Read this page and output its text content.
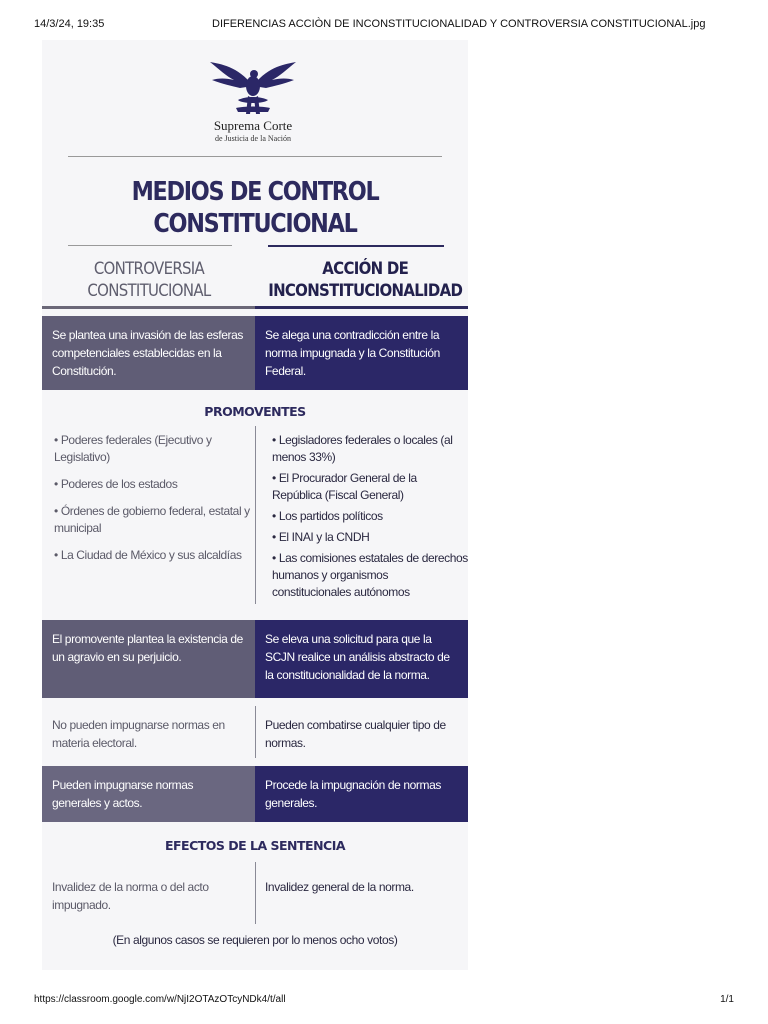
14/3/24, 19:35	DIFERENCIAS ACCIÒN DE INCONSTITUCIONALIDAD Y CONTROVERSIA CONSTITUCIONAL.jpg
Suprema Corte
de Justicia de la Nación
MEDIOS DE CONTROL
CONSTITUCIONAL
CONTROVERSIA
CONSTITUCIONAL
ACCIÓN DE
INCONSTITUCIONALIDAD
Se plantea una invasión de las esferas competenciales establecidas en la Constitución.
Se alega una contradicción entre la norma impugnada y la Constitución Federal.
PROMOVENTES
• Poderes federales (Ejecutivo y Legislativo)
• Poderes de los estados
• Órdenes de gobierno federal, estatal y municipal
• La Ciudad de México y sus alcaldías
• Legisladores federales o locales (al menos 33%)
• El Procurador General de la República (Fiscal General)
• Los partidos políticos
• El INAI y la CNDH
• Las comisiones estatales de derechos humanos y organismos constitucionales autónomos
El promovente plantea la existencia de un agravio en su perjuicio.
Se eleva una solicitud para que la SCJN realice un análisis abstracto de la constitucionalidad de la norma.
No pueden impugnarse normas en materia electoral.
Pueden combatirse cualquier tipo de normas.
Pueden impugnarse normas generales y actos.
Procede la impugnación de normas generales.
EFECTOS DE LA SENTENCIA
Invalidez de la norma o del acto impugnado.
Invalidez general de la norma.
(En algunos casos se requieren por lo menos ocho votos)
https://classroom.google.com/w/NjI2OTAzOTcyNDk4/t/all	1/1
